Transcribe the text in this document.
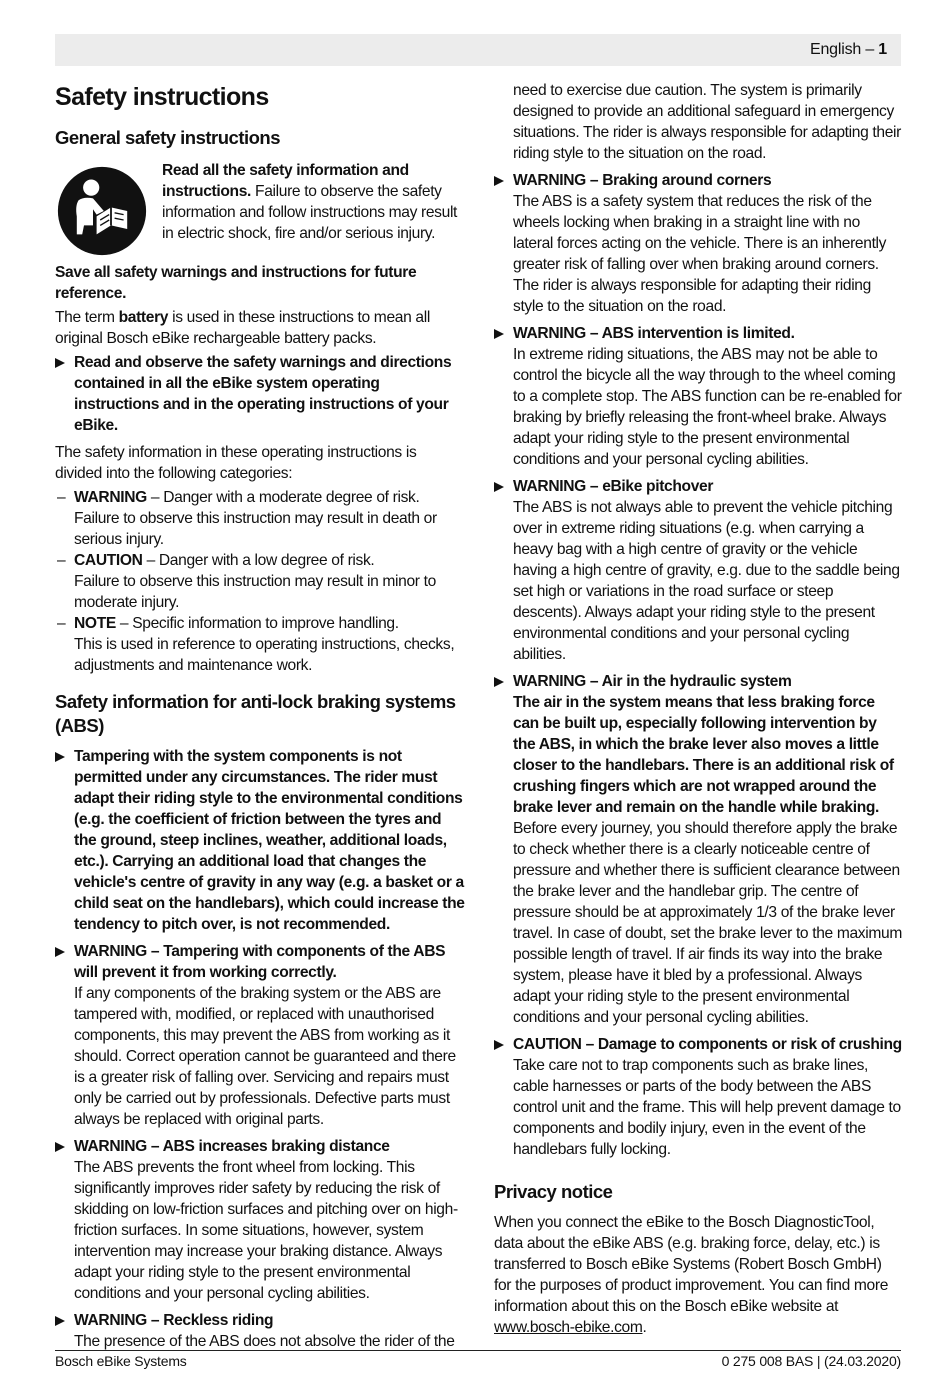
English – 1
Safety instructions
General safety instructions
Read all the safety information and instructions. Failure to observe the safety information and follow instructions may result in electric shock, fire and/or serious injury.

Save all safety warnings and instructions for future reference.

The term battery is used in these instructions to mean all original Bosch eBike rechargeable battery packs.

Read and observe the safety warnings and directions contained in all the eBike system operating instructions and in the operating instructions of your eBike.

The safety information in these operating instructions is divided into the following categories:

– WARNING – Danger with a moderate degree of risk.
Failure to observe this instruction may result in death or serious injury.
– CAUTION – Danger with a low degree of risk.
Failure to observe this instruction may result in minor to moderate injury.
– NOTE – Specific information to improve handling.
This is used in reference to operating instructions, checks, adjustments and maintenance work.
Safety information for anti-lock braking systems (ABS)
Tampering with the system components is not permitted under any circumstances. The rider must adapt their riding style to the environmental conditions (e.g. the coefficient of friction between the tyres and the ground, steep inclines, weather, additional loads, etc.). Carrying an additional load that changes the vehicle's centre of gravity in any way (e.g. a basket or a child seat on the handlebars), which could increase the tendency to pitch over, is not recommended.
WARNING – Tampering with components of the ABS will prevent it from working correctly.
If any components of the braking system or the ABS are tampered with, modified, or replaced with unauthorised components, this may prevent the ABS from working as it should. Correct operation cannot be guaranteed and there is a greater risk of falling over. Servicing and repairs must only be carried out by professionals. Defective parts must always be replaced with original parts.
WARNING – ABS increases braking distance
The ABS prevents the front wheel from locking. This significantly improves rider safety by reducing the risk of skidding on low-friction surfaces and pitching over on high-friction surfaces. In some situations, however, system intervention may increase your braking distance. Always adapt your riding style to the present environmental conditions and your personal cycling abilities.
WARNING – Reckless riding
The presence of the ABS does not absolve the rider of the
need to exercise due caution. The system is primarily designed to provide an additional safeguard in emergency situations. The rider is always responsible for adapting their riding style to the situation on the road.
WARNING – Braking around corners
The ABS is a safety system that reduces the risk of the wheels locking when braking in a straight line with no lateral forces acting on the vehicle. There is an inherently greater risk of falling over when braking around corners. The rider is always responsible for adapting their riding style to the situation on the road.
WARNING – ABS intervention is limited.
In extreme riding situations, the ABS may not be able to control the bicycle all the way through to the wheel coming to a complete stop. The ABS function can be re-enabled for braking by briefly releasing the front-wheel brake. Always adapt your riding style to the present environmental conditions and your personal cycling abilities.
WARNING – eBike pitchover
The ABS is not always able to prevent the vehicle pitching over in extreme riding situations (e.g. when carrying a heavy bag with a high centre of gravity or the vehicle having a high centre of gravity, e.g. due to the saddle being set high or variations in the road surface or steep descents). Always adapt your riding style to the present environmental conditions and your personal cycling abilities.
WARNING – Air in the hydraulic system
The air in the system means that less braking force can be built up, especially following intervention by the ABS, in which the brake lever also moves a little closer to the handlebars. There is an additional risk of crushing fingers which are not wrapped around the brake lever and remain on the handle while braking. Before every journey, you should therefore apply the brake to check whether there is a clearly noticeable centre of pressure and whether there is sufficient clearance between the brake lever and the handlebar grip. The centre of pressure should be at approximately 1/3 of the brake lever travel. In case of doubt, set the brake lever to the maximum possible length of travel. If air finds its way into the brake system, please have it bled by a professional. Always adapt your riding style to the present environmental conditions and your personal cycling abilities.
CAUTION – Damage to components or risk of crushing
Take care not to trap components such as brake lines, cable harnesses or parts of the body between the ABS control unit and the frame. This will help prevent damage to components and bodily injury, even in the event of the handlebars fully locking.
Privacy notice

When you connect the eBike to the Bosch DiagnosticTool, data about the eBike ABS (e.g. braking force, delay, etc.) is transferred to Bosch eBike Systems (Robert Bosch GmbH) for the purposes of product improvement. You can find more information about this on the Bosch eBike website at www.bosch-ebike.com.

Bosch eBike Systems	0 275 008 BAS | (24.03.2020)
